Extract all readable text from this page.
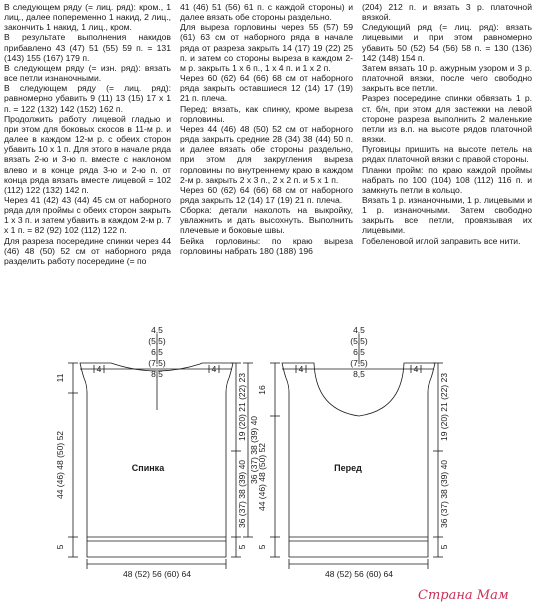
В следующем ряду (= лиц. ряд): кром., 1 лиц., далее попеременно 1 накид, 2 лиц., закончить 1 накид, 1 лиц., кром.

В результате выполнения накидов прибавлено 43 (47) 51 (55) 59 п. = 131 (143) 155 (167) 179 п.

В следующем ряду (= изн. ряд): вязать все петли изнаночными.

В следующем ряду (= лиц. ряд): равномерно убавить 9 (11) 13 (15) 17 х 1 п. = 122 (132) 142 (152) 162 п.

Продолжить работу лицевой гладью и при этом для боковых скосов в 11-м р. и далее в каждом 12-м р. с обеих сторон убавить 10 х 1 п. Для этого в начале ряда вязать 2-ю и 3-ю п. вместе с наклоном влево и в конце ряда 3-ю и 2-ю п. от конца ряда вязать вместе лицевой = 102 (112) 122 (132) 142 п.

Через 41 (42) 43 (44) 45 см от наборного ряда для проймы с обеих сторон закрыть 1 х 3 п. и затем убавить в каждом 2-м р. 7 х 1 п. = 82 (92) 102 (112) 122 п.

Для разреза посередине спинки через 44 (46) 48 (50) 52 см от наборного ряда разделить работу посередине (= по

41 (46) 51 (56) 61 п. с каждой стороны) и далее вязать обе стороны раздельно.

Для выреза горловины через 55 (57) 59 (61) 63 см от наборного ряда в начале ряда от разреза закрыть 14 (17) 19 (22) 25 п. и затем со стороны выреза в каждом 2-м р. закрыть 1 х 6 п., 1 х 4 п. и 1 х 2 п.

Через 60 (62) 64 (66) 68 см от наборного ряда закрыть оставшиеся 12 (14) 17 (19) 21 п. плеча.

Перед: вязать, как спинку, кроме выреза горловины.

Через 44 (46) 48 (50) 52 см от наборного ряда закрыть средние 28 (34) 38 (44) 50 п. и далее вязать обе стороны раздельно, при этом для закругления выреза горловины по внутреннему краю в каждом 2-м р. закрыть 2 х 3 п., 2 х 2 п. и 5 х 1 п.

Через 60 (62) 64 (66) 68 см от наборного ряда закрыть 12 (14) 17 (19) 21 п. плеча.

Сборка: детали наколоть на выкройку, увлажнить и дать высохнуть. Выполнить плечевые и боковые швы.

Бейка горловины: по краю выреза горловины набрать 180 (188) 196

(204) 212 п. и вязать 3 р. платочной вязкой.

Следующий ряд (= лиц. ряд): вязать лицевыми и при этом равномерно убавить 50 (52) 54 (56) 58 п. = 130 (136) 142 (148) 154 п.

Затем вязать 10 р. ажурным узором и 3 р. платочной вязки, после чего свободно закрыть все петли.

Разрез посередине спинки обвязать 1 р. ст. б/н, при этом для застежки на левой стороне разреза выполнить 2 маленькие петли из в.п. на высоте рядов платочной вязки.

Пуговицы пришить на высоте петель на рядах платочной вязки с правой стороны.

Планки пройм: по краю каждой проймы набрать по 100 (104) 108 (112) 116 п. и замкнуть петли в кольцо.

Вязать 1 р. изнаночными, 1 р. лицевыми и 1 р. изнаночными. Затем свободно закрыть все петли, провязывая их лицевыми.

Гобеленовой иглой заправить все нити.

4,5
(5,5)
6,5
(7,5)
8,5
4	4
Спинка
11
44 (46) 48 (50) 52
5
19 (20) 21 (22) 23
36 (37) 38 (39) 40
5
36 (37) 38 (39) 40
48 (52) 56 (60) 64
4,5
(5,5)
6,5
(7,5)
8,5
4	4
Перед
16
44 (46) 48 (50) 52
5
19 (20) 21 (22) 23
36 (37) 38 (39) 40
5
48 (52) 56 (60) 64
Страна Мам
